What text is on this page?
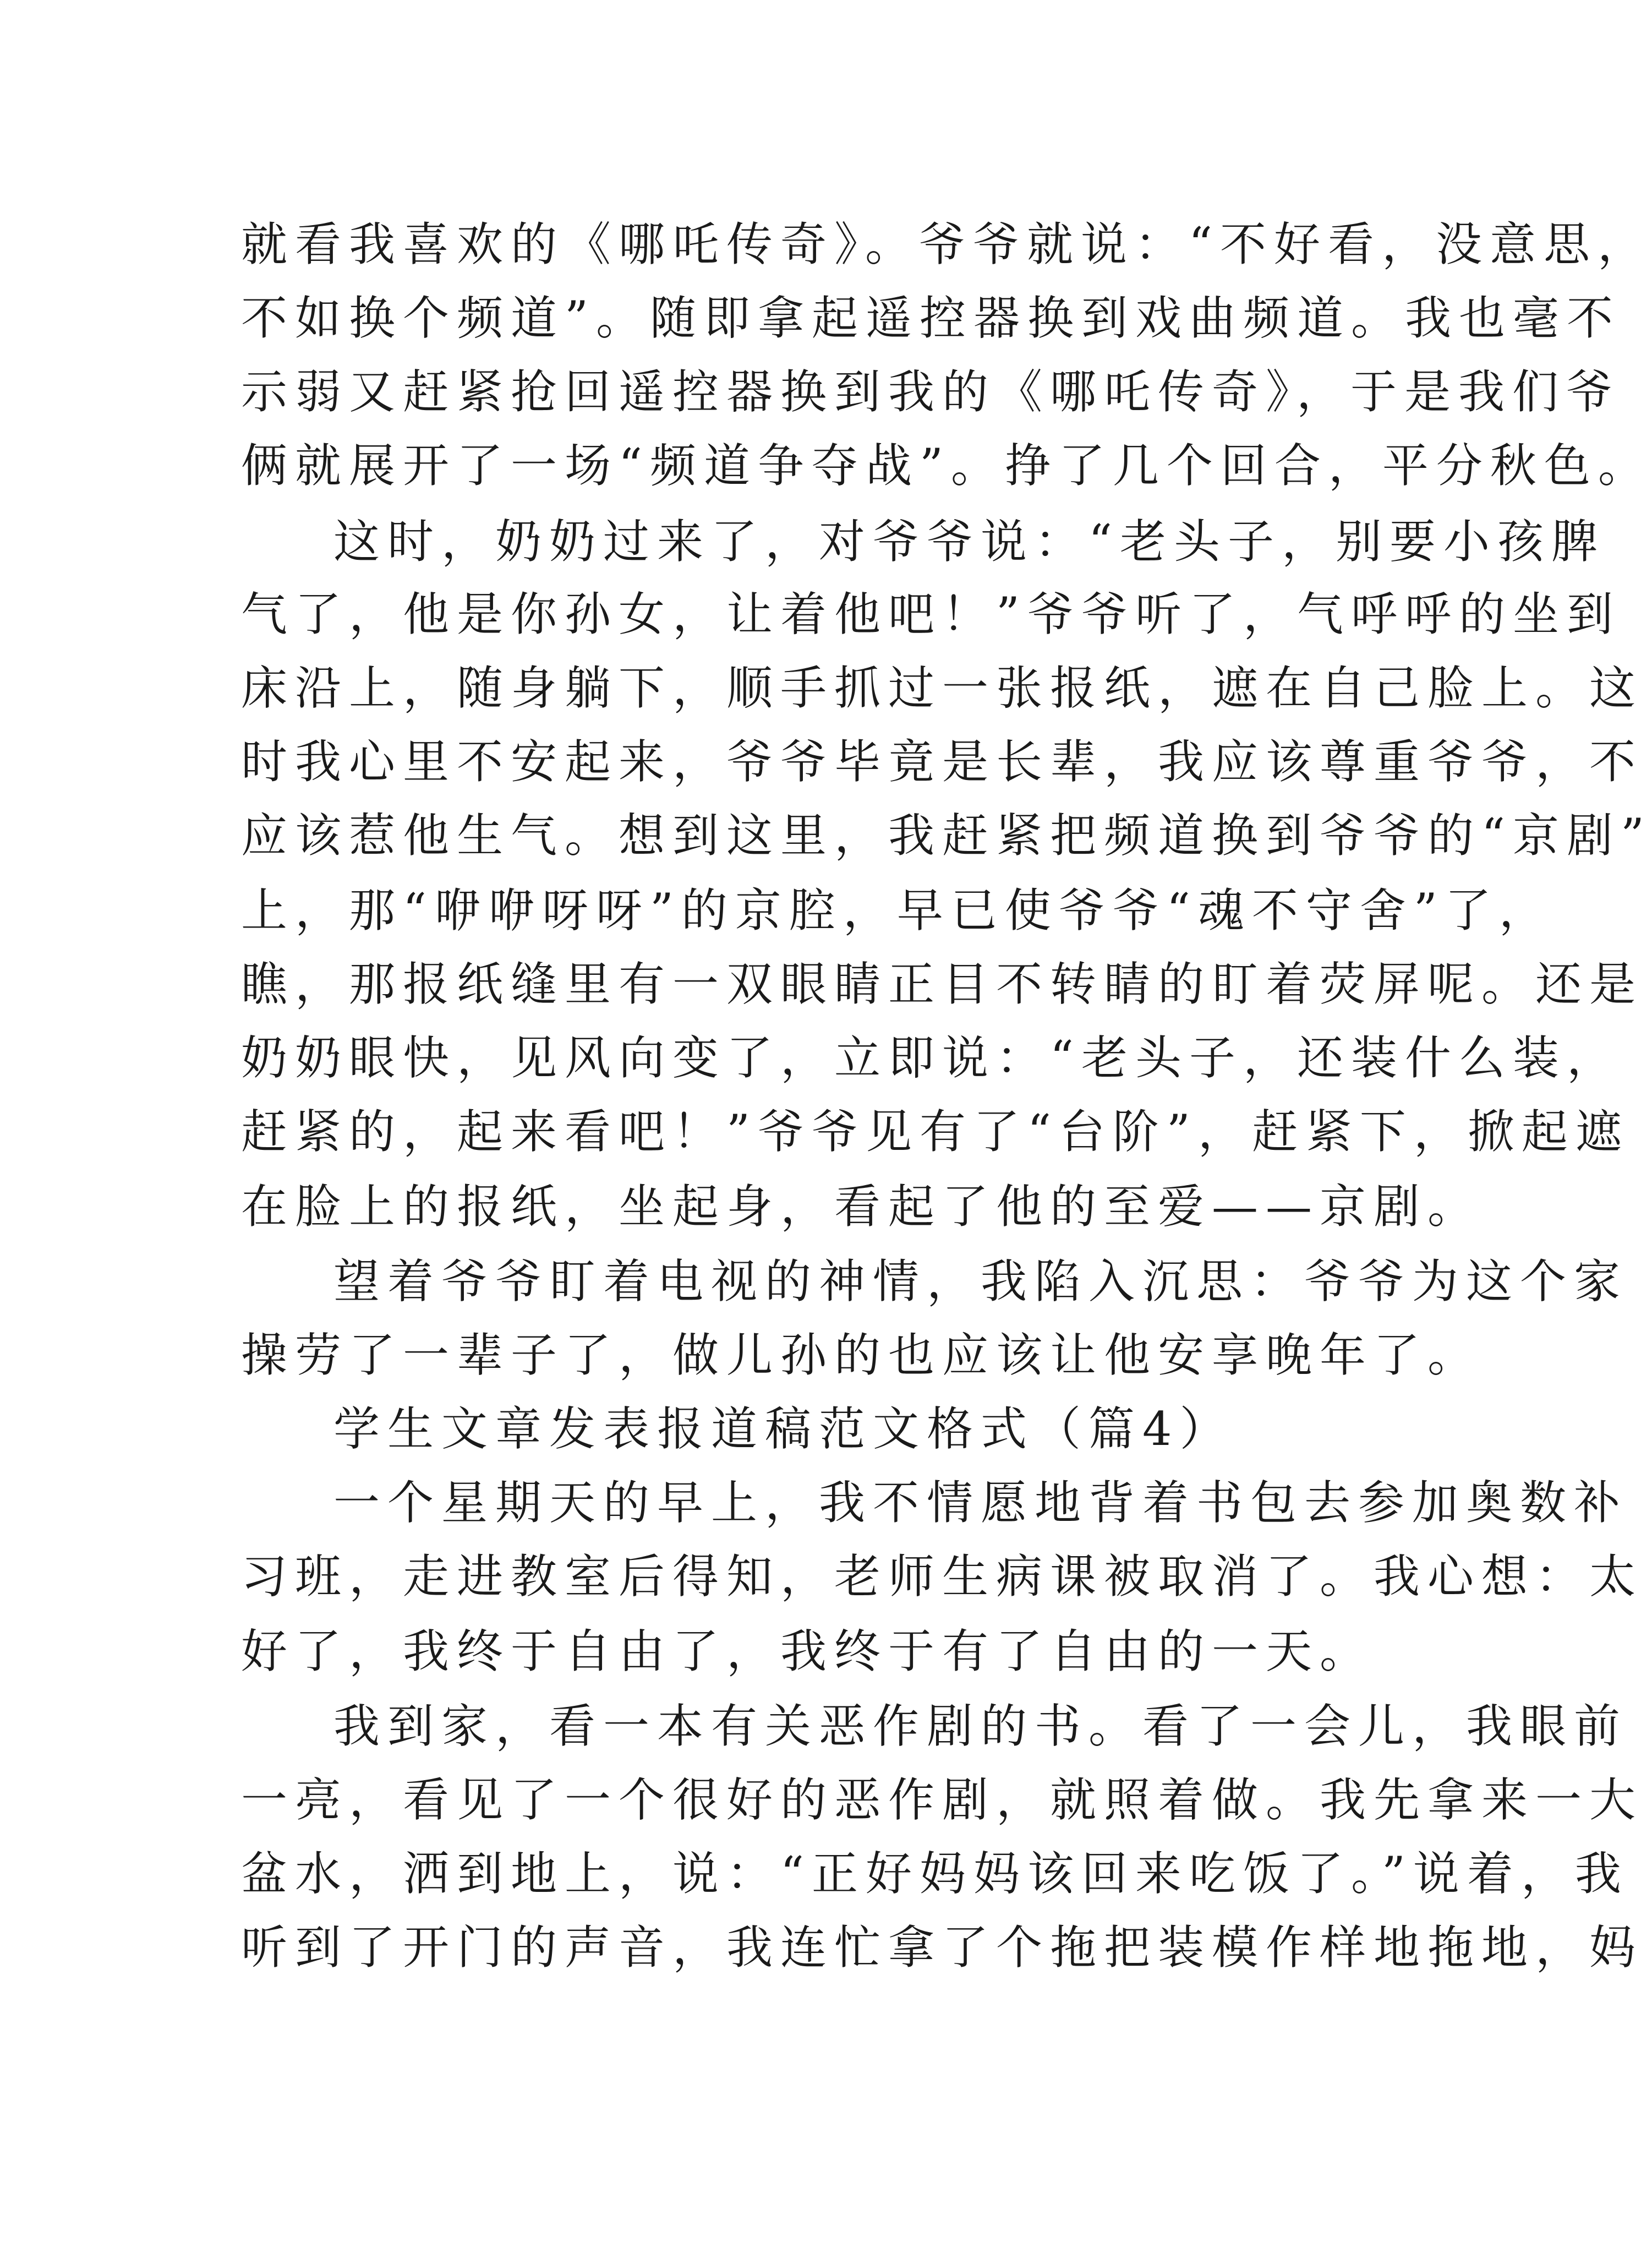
就看我喜欢的《哪吒传奇》。爷爷就说：“不好看，没意思，
不如换个频道”。随即拿起遥控器换到戏曲频道。我也毫不
示弱又赶紧抢回遥控器换到我的《哪吒传奇》，于是我们爷
俩就展开了一场“频道争夺战”。挣了几个回合，平分秋色。
这时，奶奶过来了，对爷爷说：“老头子，别要小孩脾
气了，他是你孙女，让着他吧！”爷爷听了，气呼呼的坐到
床沿上，随身躺下，顺手抓过一张报纸，遮在自己脸上。这
时我心里不安起来，爷爷毕竟是长辈，我应该尊重爷爷，不
应该惹他生气。想到这里，我赶紧把频道换到爷爷的“京剧”
上，那“咿咿呀呀”的京腔，早已使爷爷“魂不守舍”了，
瞧，那报纸缝里有一双眼睛正目不转睛的盯着荧屏呢。还是
奶奶眼快，见风向变了，立即说：“老头子，还装什么装，
赶紧的，起来看吧！”爷爷见有了“台阶”，赶紧下，掀起遮
在脸上的报纸，坐起身，看起了他的至爱——京剧。
望着爷爷盯着电视的神情，我陷入沉思：爷爷为这个家
操劳了一辈子了，做儿孙的也应该让他安享晚年了。
学生文章发表报道稿范文格式（篇4）
一个星期天的早上，我不情愿地背着书包去参加奥数补
习班，走进教室后得知，老师生病课被取消了。我心想：太
好了，我终于自由了，我终于有了自由的一天。
我到家，看一本有关恶作剧的书。看了一会儿，我眼前
一亮，看见了一个很好的恶作剧，就照着做。我先拿来一大
盆水，洒到地上，说：“正好妈妈该回来吃饭了。”说着，我
听到了开门的声音，我连忙拿了个拖把装模作样地拖地，妈
